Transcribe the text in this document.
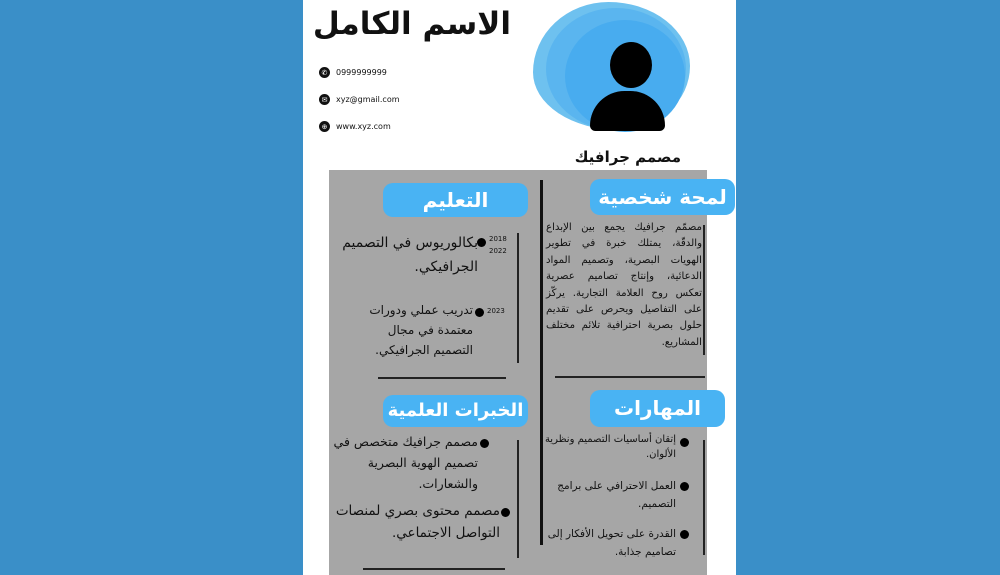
الاسم الكامل
✆	0999999999
✉	xyz@gmail.com
⊕	www.xyz.com
مصمم جرافيك
لمحة شخصية
مصمّم جرافيك يجمع بين الإبداع والدقّة، يمتلك خبرة في تطوير الهويات البصرية، وتصميم المواد الدعائية، وإنتاج تصاميم عصرية تعكس روح العلامة التجارية. يركّز على التفاصيل ويحرص على تقديم حلول بصرية احترافية تلائم مختلف المشاريع.
التعليم
2018
2022
بكالوريوس في التصميم الجرافيكي.
2023
تدريب عملي ودورات معتمدة في مجال التصميم الجرافيكي.
الخبرات العلمية
مصمم جرافيك متخصص في تصميم الهوية البصرية والشعارات.
مصمم محتوى بصري لمنصات التواصل الاجتماعي.
المهارات
إتقان أساسيات التصميم ونظرية الألوان.
العمل الاحترافي على برامج التصميم.
القدرة على تحويل الأفكار إلى تصاميم جذابة.
